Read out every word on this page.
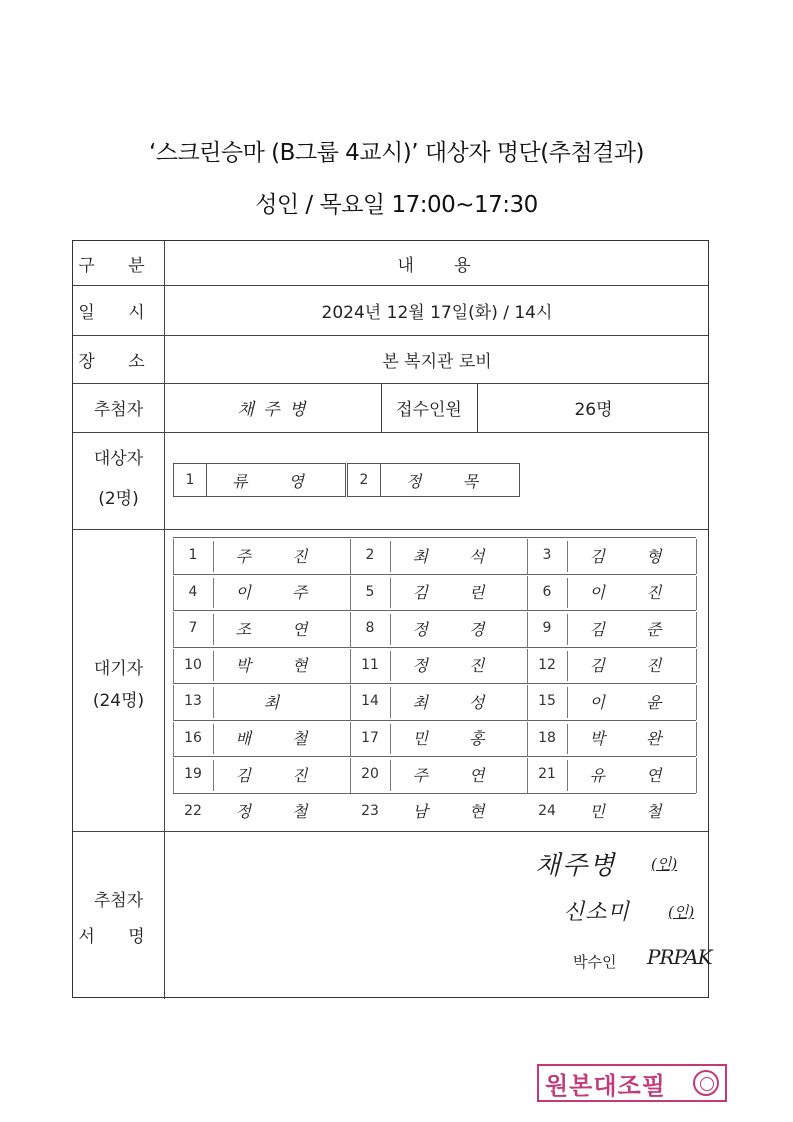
‘스크린승마 (B그룹 4교시)’ 대상자 명단(추첨결과)
성인 / 목요일 17:00~17:30
구 분	내   용
일 시	2024년 12월 17일(화) / 14시
장 소	본 복지관 로비
추첨자	채 주 병	접수인원	26명
대상자
(2명)
1	류 영	2	정 목
대기자
(24명)
1	주 진	2	최 석	3	김 형
4	이 주	5	김 린	6	이 진
7	조 연	8	정 경	9	김 준
10	박 현	11	정 진	12	김 진
13	최	14	최 성	15	이 윤
16	배 철	17	민 홍	18	박 완
19	김 진	20	주 연	21	유 연
22	정 철	23	남 현	24	민 철
추첨자
서 명
채주병 (인)
신소미	(인)
박수인 PRPAK
원본대조필
